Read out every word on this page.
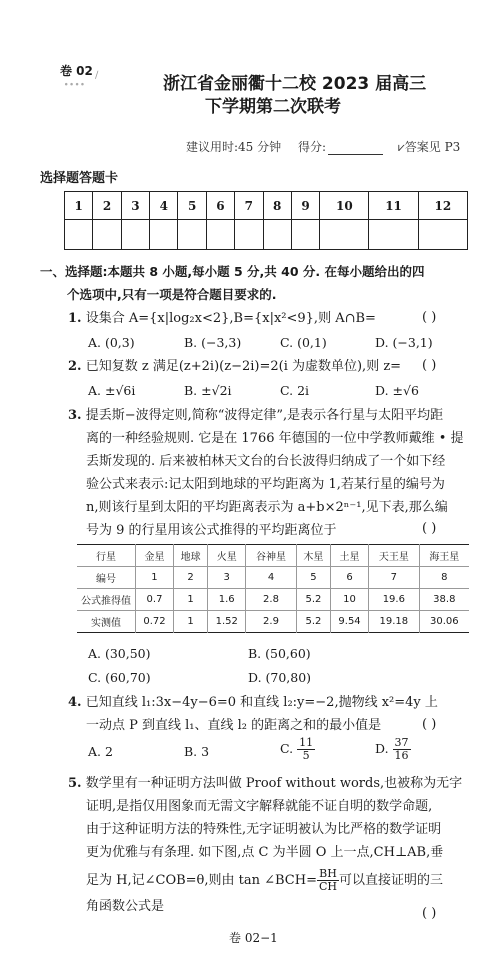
卷 02 ∕
∙∙∙∙	浙江省金丽衢十二校 2023 届高三
下学期第二次联考
建议用时:45 分钟 得分:	⩗答案见 P3
选择题答题卡
1	2	3	4	5	6	7	8	9	10	11	12

一、选择题:本题共 8 小题,每小题 5 分,共 40 分. 在每小题给出的四
个选项中,只有一项是符合题目要求的.
1. 设集合 A={x|log₂x<2},B={x|x²<9},则 A∩B=	( )
A. (0,3)	B. (−3,3)	C. (0,1)	D. (−3,1)
2. 已知复数 z 满足(z+2i)(z−2i)=2(i 为虚数单位),则 z= ( )
A. ±√6i	B. ±√2i	C. 2i	D. ±√6
3. 提丢斯−波得定则,简称“波得定律”,是表示各行星与太阳平均距
离的一种经验规则. 它是在 1766 年德国的一位中学教师戴维 • 提
丢斯发现的. 后来被柏林天文台的台长波得归纳成了一个如下经
验公式来表示:记太阳到地球的平均距离为 1,若某行星的编号为
n,则该行星到太阳的平均距离表示为 a+b×2ⁿ⁻¹,见下表,那么编
号为 9 的行星用该公式推得的平均距离位于	( )
行星	金星	地球	火星	谷神星	木星	土星	天王星	海王星
编号	1	2	3	4	5	6	7	8
公式推得值	0.7	1	1.6	2.8	5.2	10	19.6	38.8
实测值	0.72	1	1.52	2.9	5.2	9.54	19.18	30.06
A. (30,50)	B. (50,60)
C. (60,70)	D. (70,80)
4. 已知直线 l₁:3x−4y−6=0 和直线 l₂:y=−2,抛物线 x²=4y 上
一动点 P 到直线 l₁、直线 l₂ 的距离之和的最小值是	( )
A. 2	B. 3	C. $\frac{11}{5}$	D. $\frac{37}{16}$
5. 数学里有一种证明方法叫做 Proof without words,也被称为无字
证明,是指仅用图象而无需文字解释就能不证自明的数学命题,
由于这种证明方法的特殊性,无字证明被认为比严格的数学证明
更为优雅与有条理. 如下图,点 C 为半圆 O 上一点,CH⊥AB,垂
足为 H,记∠COB=θ,则由 tan ∠BCH= $\frac{BH}{CH}$ 可以直接证明的三
角函数公式是	( )
卷 02−1
